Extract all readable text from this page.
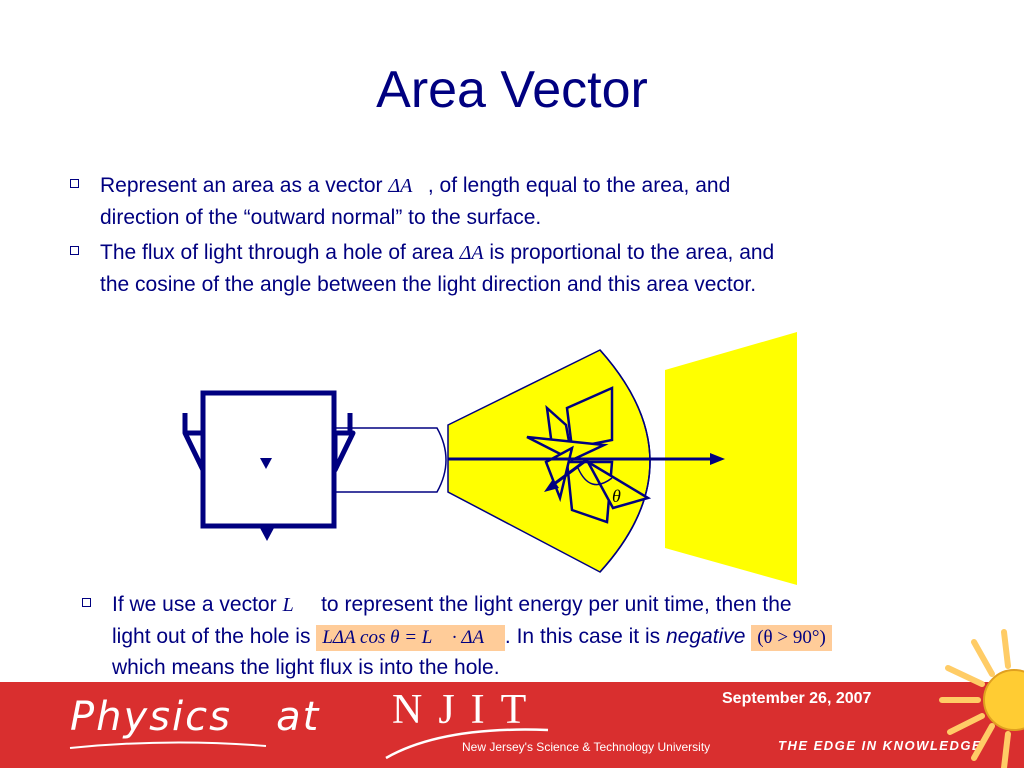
Area Vector
Represent an area as a vector ΔA⃗, of length equal to the area, and
direction of the “outward normal” to the surface.
The flux of light through a hole of area ΔA is proportional to the area, and
the cosine of the angle between the light direction and this area vector.
θ
If we use a vector L⃗ to represent the light energy per unit time, then the
light out of the hole is LΔA cos θ = L⃗ · ΔA⃗ . In this case it is negative (θ > 90°)
which means the light flux is into the hole.
Physics   at NJIT
New Jersey's Science & Technology University
September 26, 2007
THE EDGE IN KNOWLEDGE
